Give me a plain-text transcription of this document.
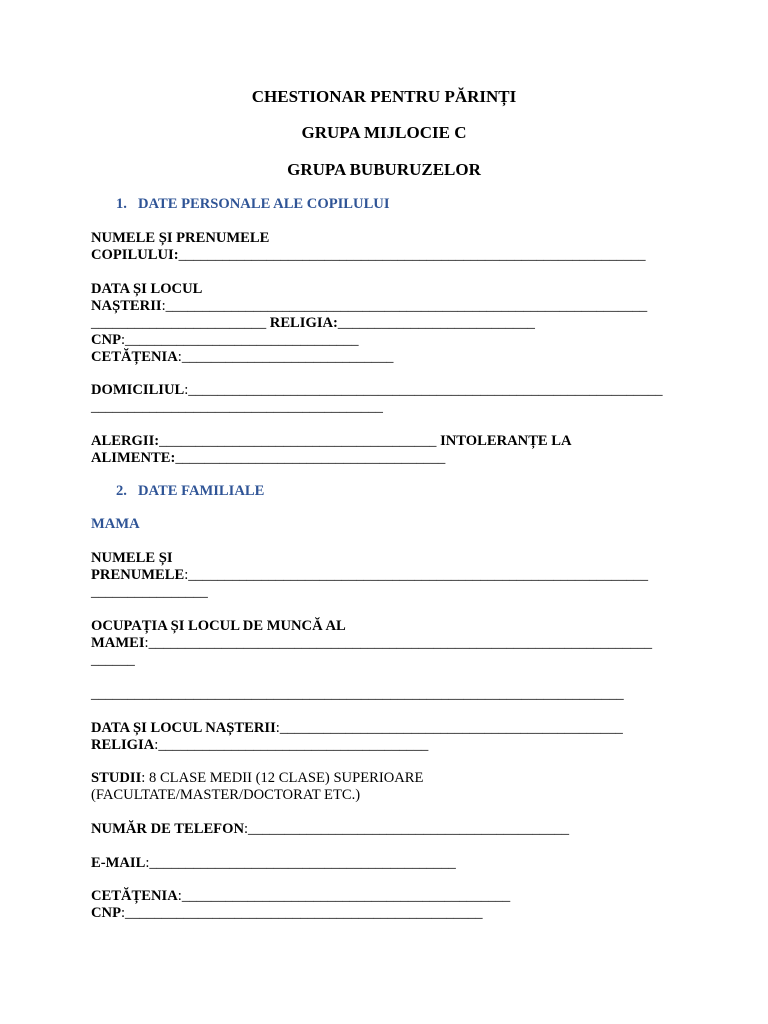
CHESTIONAR PENTRU PĂRINȚI

GRUPA MIJLOCIE C

GRUPA BUBURUZELOR

1. DATE PERSONALE ALE COPILULUI

NUMELE ȘI PRENUMELE

COPILULUI:________________________________________________________________

DATA ȘI LOCUL

NAȘTERII:__________________________________________________________________

________________________ RELIGIA:___________________________

CNP:________________________________

CETĂȚENIA:_____________________________

DOMICILIUL:_________________________________________________________________

________________________________________

ALERGII:______________________________________ INTOLERANȚE LA

ALIMENTE:_____________________________________

2. DATE FAMILIALE

MAMA

NUMELE ȘI

PRENUMELE:_______________________________________________________________

________________

OCUPAȚIA ȘI LOCUL DE MUNCĂ AL

MAMEI:_____________________________________________________________________

______

_________________________________________________________________________

DATA ȘI LOCUL NAȘTERII:_______________________________________________

RELIGIA:_____________________________________

STUDII: 8 CLASE MEDII (12 CLASE) SUPERIOARE

(FACULTATE/MASTER/DOCTORAT ETC.)

NUMĂR DE TELEFON:____________________________________________

E-MAIL:__________________________________________

CETĂȚENIA:_____________________________________________

CNP:_________________________________________________
